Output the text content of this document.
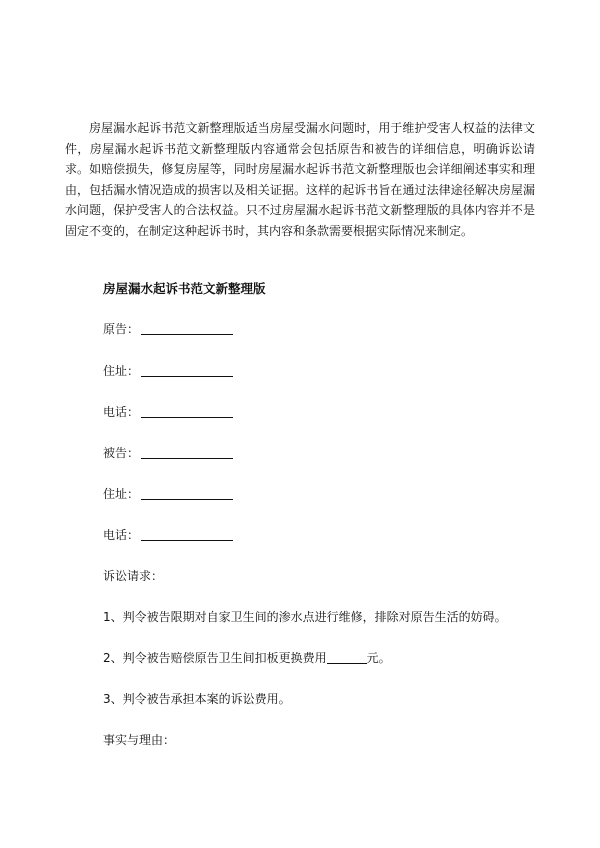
房屋漏水起诉书范文新整理版适当房屋受漏水问题时，用于维护受害人权益的法律文件，房屋漏水起诉书范文新整理版内容通常会包括原告和被告的详细信息，明确诉讼请求。如赔偿损失，修复房屋等，同时房屋漏水起诉书范文新整理版也会详细阐述事实和理由，包括漏水情况造成的损害以及相关证据。这样的起诉书旨在通过法律途径解决房屋漏水问题，保护受害人的合法权益。只不过房屋漏水起诉书范文新整理版的具体内容并不是固定不变的，在制定这种起诉书时，其内容和条款需要根据实际情况来制定。

房屋漏水起诉书范文新整理版

原告：
住址：
电话：
被告：
住址：
电话：
诉讼请求：
1、判令被告限期对自家卫生间的渗水点进行维修，排除对原告生活的妨碍。
2、判令被告赔偿原告卫生间扣板更换费用	元。
3、判令被告承担本案的诉讼费用。
事实与理由：
